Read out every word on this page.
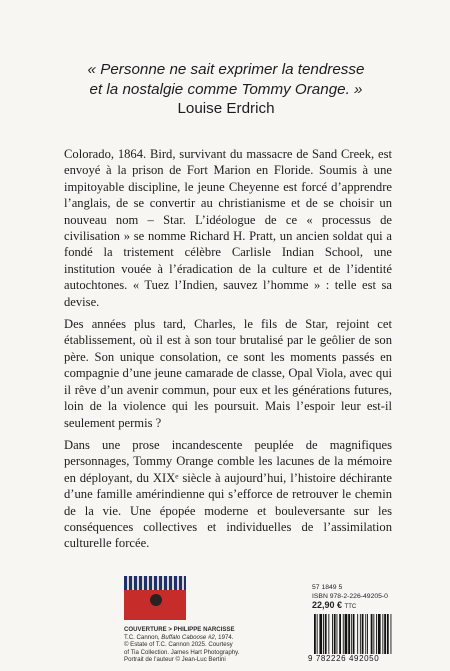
« Personne ne sait exprimer la tendresse
et la nostalgie comme Tommy Orange. »
Louise Erdrich

Colorado, 1864. Bird, survivant du massacre de Sand Creek, est envoyé à la prison de Fort Marion en Floride. Soumis à une impitoyable discipline, le jeune Cheyenne est forcé d’apprendre l’anglais, de se convertir au christianisme et de se choisir un nouveau nom – Star. L’idéologue de ce « processus de civilisation » se nomme Richard H. Pratt, un ancien soldat qui a fondé la tristement célèbre Carlisle Indian School, une institution vouée à l’éradication de la culture et de l’identité autochtones. « Tuez l’Indien, sauvez l’homme » : telle est sa devise.

Des années plus tard, Charles, le fils de Star, rejoint cet établissement, où il est à son tour brutalisé par le geôlier de son père. Son unique consolation, ce sont les moments passés en compagnie d’une jeune camarade de classe, Opal Viola, avec qui il rêve d’un avenir commun, pour eux et les générations futures, loin de la violence qui les poursuit. Mais l’espoir leur est-il seulement permis ?

Dans une prose incandescente peuplée de magnifiques personnages, Tommy Orange comble les lacunes de la mémoire en déployant, du XIXᵉ siècle à aujourd’hui, l’histoire déchirante d’une famille amérindienne qui s’efforce de retrouver le chemin de la vie. Une épopée moderne et bouleversante sur les conséquences collectives et individuelles de l’assimilation culturelle forcée.

COUVERTURE > PHILIPPE NARCISSE
T.C. Cannon, Buffalo Caboose #2, 1974.
© Estate of T.C. Cannon 2025. Courtesy
of Tia Collection. James Hart Photography.
Portrait de l’auteur © Jean-Luc Bertini
57 1849 5
ISBN 978-2-226-49205-0
22,90 € TTC
9 782226 492050
